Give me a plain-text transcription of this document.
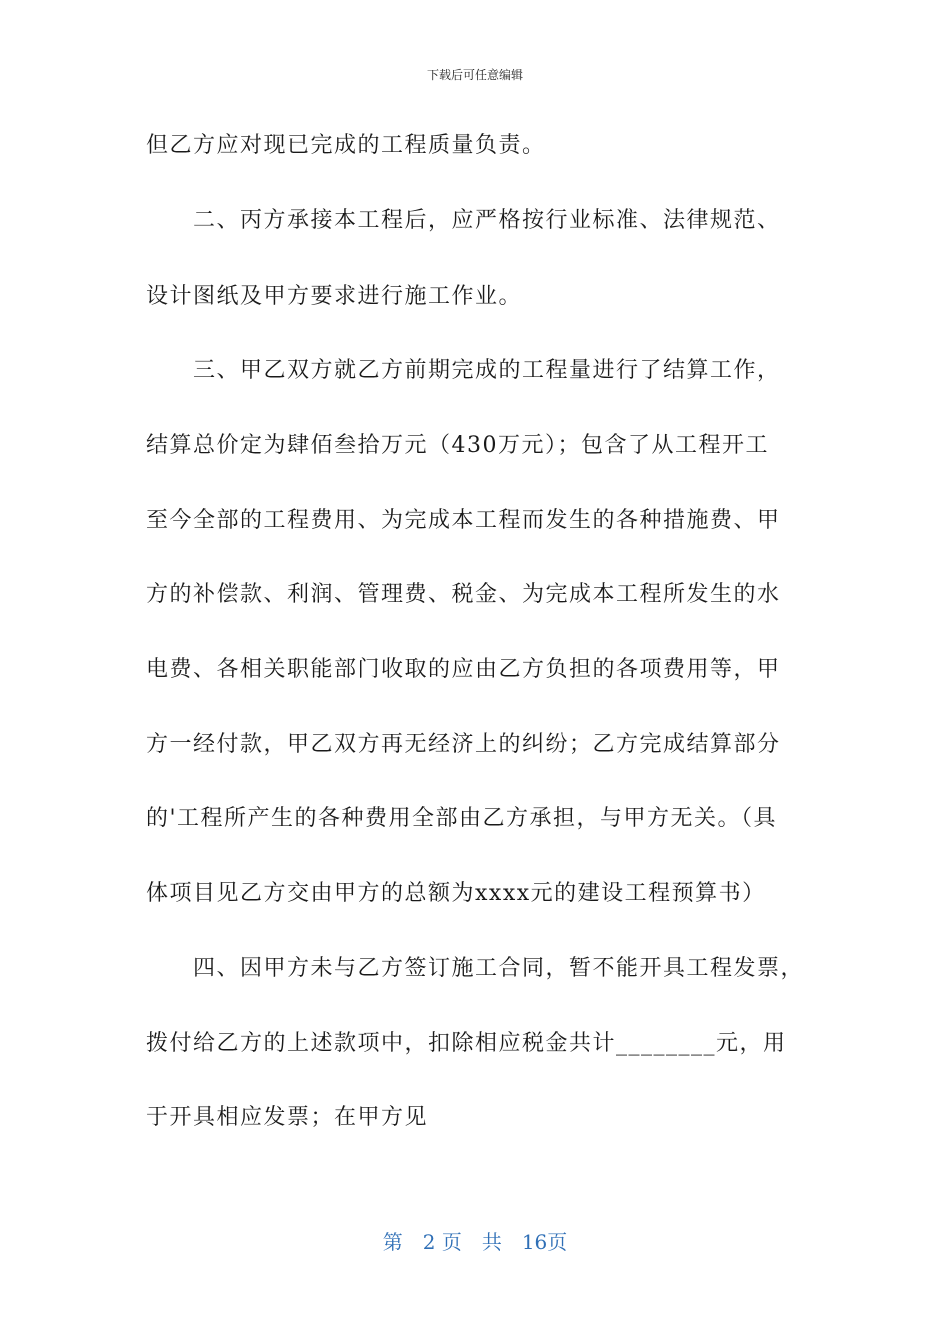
下载后可任意编辑
但乙方应对现已完成的工程质量负责。
　　二、丙方承接本工程后，应严格按行业标准、法律规范、
设计图纸及甲方要求进行施工作业。
　　三、甲乙双方就乙方前期完成的工程量进行了结算工作，
结算总价定为肆佰叁拾万元（430万元）；包含了从工程开工
至今全部的工程费用、为完成本工程而发生的各种措施费、甲
方的补偿款、利润、管理费、税金、为完成本工程所发生的水
电费、各相关职能部门收取的应由乙方负担的各项费用等，甲
方一经付款，甲乙双方再无经济上的纠纷；乙方完成结算部分
的'工程所产生的各种费用全部由乙方承担，与甲方无关。（具
体项目见乙方交由甲方的总额为xxxx元的建设工程预算书）
　　四、因甲方未与乙方签订施工合同，暂不能开具工程发票，
拨付给乙方的上述款项中，扣除相应税金共计________元，用
于开具相应发票；在甲方见
第　2 页　共　16页
